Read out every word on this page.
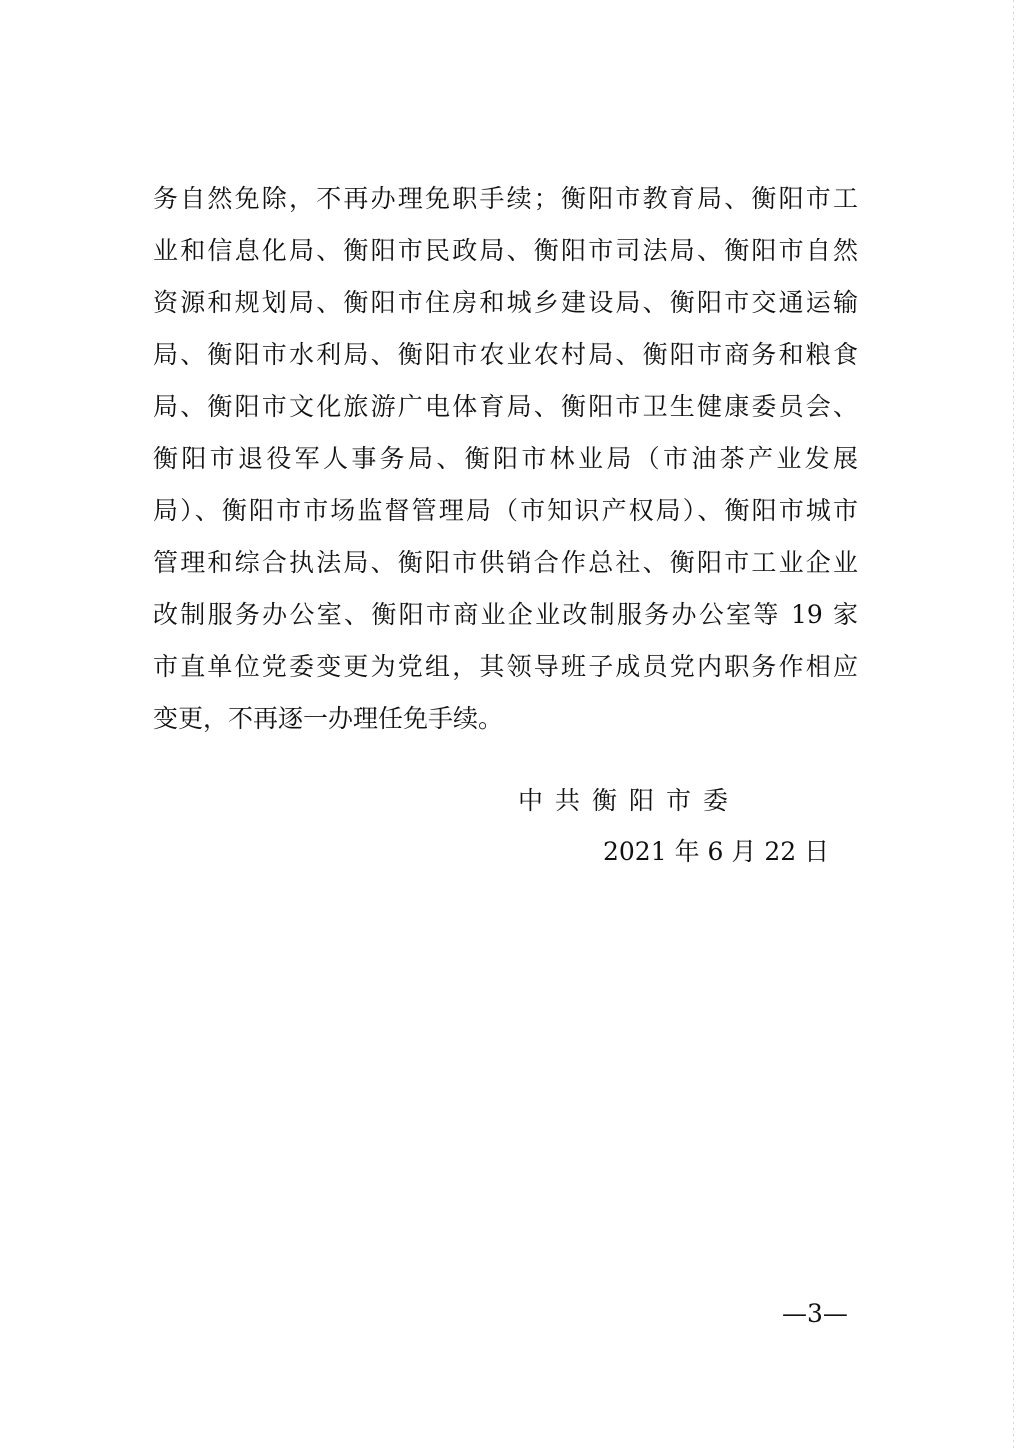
务自然免除，不再办理免职手续；衡阳市教育局、衡阳市工
业和信息化局、衡阳市民政局、衡阳市司法局、衡阳市自然
资源和规划局、衡阳市住房和城乡建设局、衡阳市交通运输
局、衡阳市水利局、衡阳市农业农村局、衡阳市商务和粮食
局、衡阳市文化旅游广电体育局、衡阳市卫生健康委员会、
衡阳市退役军人事务局、衡阳市林业局（市油茶产业发展
局）、衡阳市市场监督管理局（市知识产权局）、衡阳市城市
管理和综合执法局、衡阳市供销合作总社、衡阳市工业企业
改制服务办公室、衡阳市商业企业改制服务办公室等 19 家
市直单位党委变更为党组，其领导班子成员党内职务作相应
变更，不再逐一办理任免手续。
中共衡阳市委
2021 年 6 月 22 日
—3—
